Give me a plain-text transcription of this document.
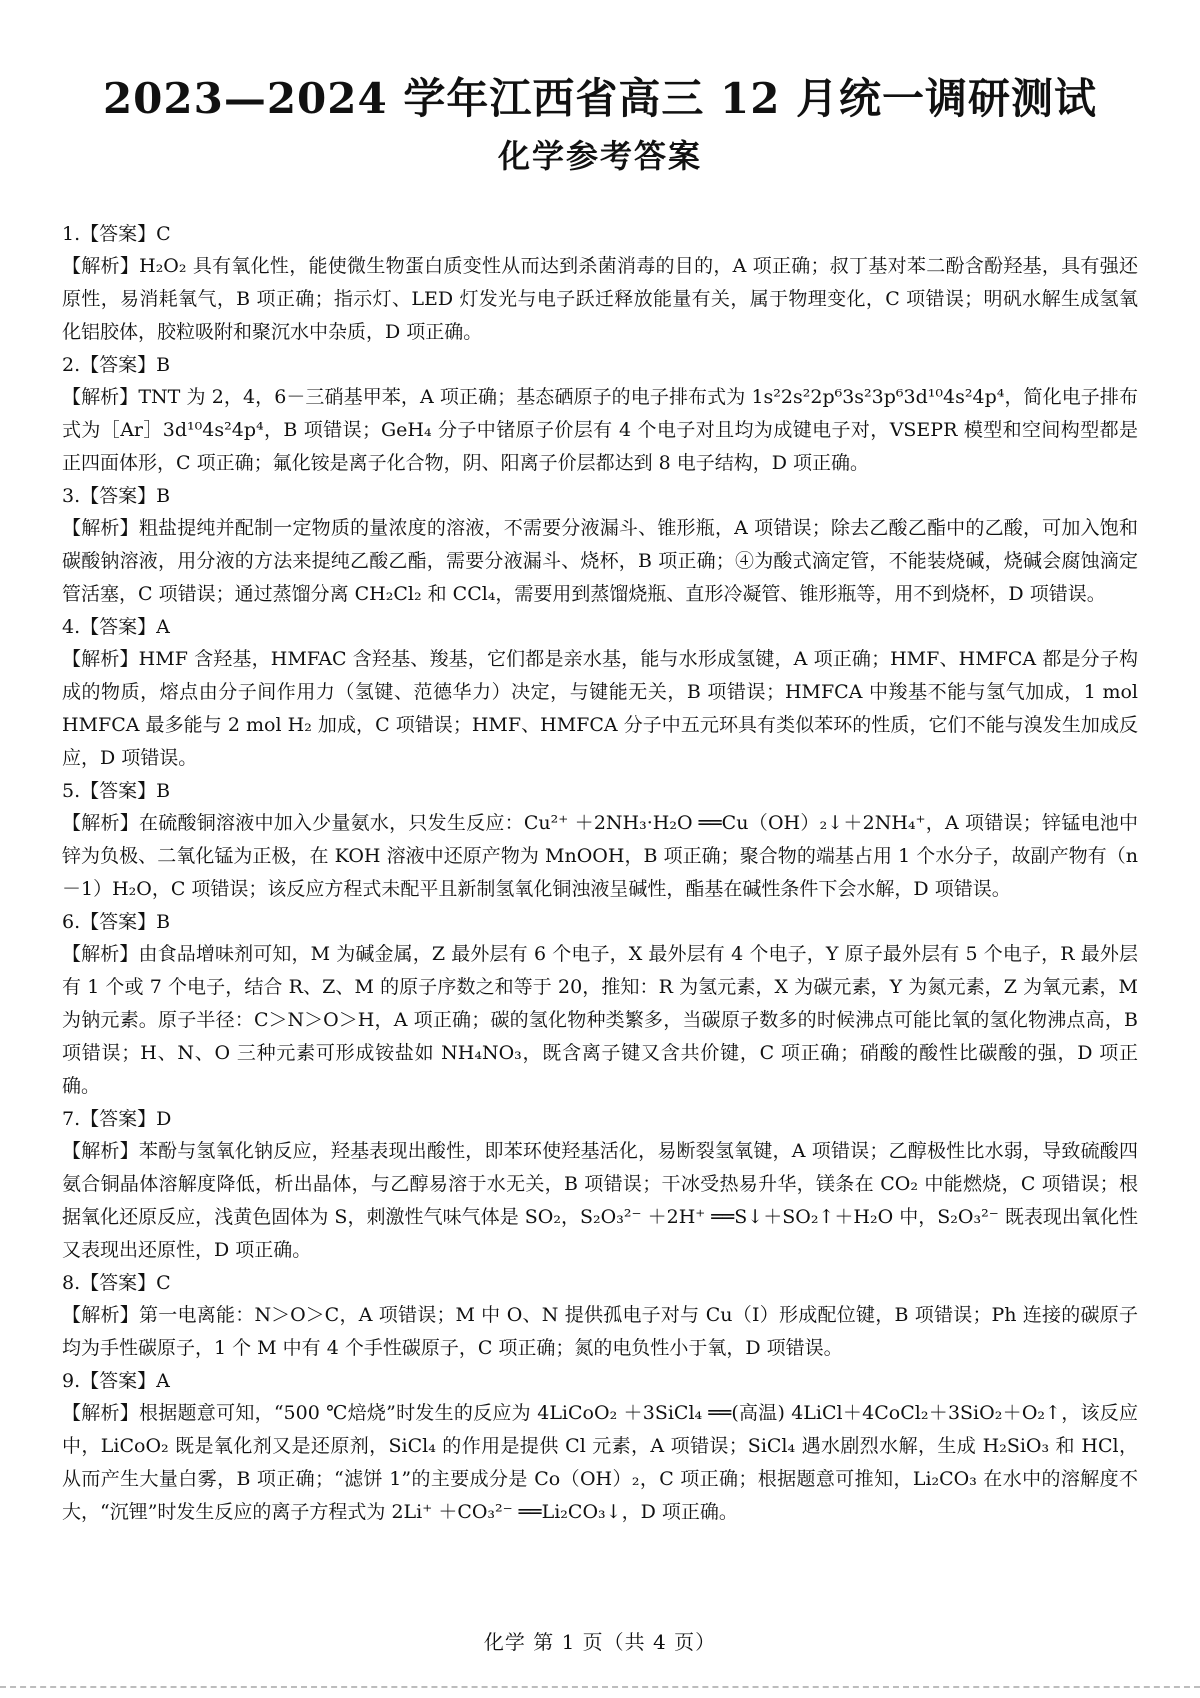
2023—2024 学年江西省高三 12 月统一调研测试
化学参考答案

1.【答案】C

【解析】H₂O₂ 具有氧化性，能使微生物蛋白质变性从而达到杀菌消毒的目的，A 项正确；叔丁基对苯二酚含酚羟基，具有强还原性，易消耗氧气，B 项正确；指示灯、LED 灯发光与电子跃迁释放能量有关，属于物理变化，C 项错误；明矾水解生成氢氧化铝胶体，胶粒吸附和聚沉水中杂质，D 项正确。

2.【答案】B

【解析】TNT 为 2，4，6－三硝基甲苯，A 项正确；基态硒原子的电子排布式为 1s²2s²2p⁶3s²3p⁶3d¹⁰4s²4p⁴，简化电子排布式为［Ar］3d¹⁰4s²4p⁴，B 项错误；GeH₄ 分子中锗原子价层有 4 个电子对且均为成键电子对，VSEPR 模型和空间构型都是正四面体形，C 项正确；氟化铵是离子化合物，阴、阳离子价层都达到 8 电子结构，D 项正确。

3.【答案】B

【解析】粗盐提纯并配制一定物质的量浓度的溶液，不需要分液漏斗、锥形瓶，A 项错误；除去乙酸乙酯中的乙酸，可加入饱和碳酸钠溶液，用分液的方法来提纯乙酸乙酯，需要分液漏斗、烧杯，B 项正确；④为酸式滴定管，不能装烧碱，烧碱会腐蚀滴定管活塞，C 项错误；通过蒸馏分离 CH₂Cl₂ 和 CCl₄，需要用到蒸馏烧瓶、直形冷凝管、锥形瓶等，用不到烧杯，D 项错误。

4.【答案】A

【解析】HMF 含羟基，HMFAC 含羟基、羧基，它们都是亲水基，能与水形成氢键，A 项正确；HMF、HMFCA 都是分子构成的物质，熔点由分子间作用力（氢键、范德华力）决定，与键能无关，B 项错误；HMFCA 中羧基不能与氢气加成，1 mol HMFCA 最多能与 2 mol H₂ 加成，C 项错误；HMF、HMFCA 分子中五元环具有类似苯环的性质，它们不能与溴发生加成反应，D 项错误。

5.【答案】B

【解析】在硫酸铜溶液中加入少量氨水，只发生反应：Cu²⁺ ＋2NH₃·H₂O ══Cu（OH）₂↓＋2NH₄⁺，A 项错误；锌锰电池中锌为负极、二氧化锰为正极，在 KOH 溶液中还原产物为 MnOOH，B 项正确；聚合物的端基占用 1 个水分子，故副产物有（n－1）H₂O，C 项错误；该反应方程式未配平且新制氢氧化铜浊液呈碱性，酯基在碱性条件下会水解，D 项错误。

6.【答案】B

【解析】由食品增味剂可知，M 为碱金属，Z 最外层有 6 个电子，X 最外层有 4 个电子，Y 原子最外层有 5 个电子，R 最外层有 1 个或 7 个电子，结合 R、Z、M 的原子序数之和等于 20，推知：R 为氢元素，X 为碳元素，Y 为氮元素，Z 为氧元素，M 为钠元素。原子半径：C＞N＞O＞H，A 项正确；碳的氢化物种类繁多，当碳原子数多的时候沸点可能比氧的氢化物沸点高，B 项错误；H、N、O 三种元素可形成铵盐如 NH₄NO₃，既含离子键又含共价键，C 项正确；硝酸的酸性比碳酸的强，D 项正确。

7.【答案】D

【解析】苯酚与氢氧化钠反应，羟基表现出酸性，即苯环使羟基活化，易断裂氢氧键，A 项错误；乙醇极性比水弱，导致硫酸四氨合铜晶体溶解度降低，析出晶体，与乙醇易溶于水无关，B 项错误；干冰受热易升华，镁条在 CO₂ 中能燃烧，C 项错误；根据氧化还原反应，浅黄色固体为 S，刺激性气味气体是 SO₂，S₂O₃²⁻ ＋2H⁺ ══S↓＋SO₂↑＋H₂O 中，S₂O₃²⁻ 既表现出氧化性又表现出还原性，D 项正确。

8.【答案】C

【解析】第一电离能：N＞O＞C，A 项错误；M 中 O、N 提供孤电子对与 Cu（Ⅰ）形成配位键，B 项错误；Ph 连接的碳原子均为手性碳原子，1 个 M 中有 4 个手性碳原子，C 项正确；氮的电负性小于氧，D 项错误。

9.【答案】A

【解析】根据题意可知，“500 ℃焙烧”时发生的反应为 4LiCoO₂ ＋3SiCl₄ ══(高温) 4LiCl＋4CoCl₂＋3SiO₂＋O₂↑，该反应中，LiCoO₂ 既是氧化剂又是还原剂，SiCl₄ 的作用是提供 Cl 元素，A 项错误；SiCl₄ 遇水剧烈水解，生成 H₂SiO₃ 和 HCl，从而产生大量白雾，B 项正确；“滤饼 1”的主要成分是 Co（OH）₂，C 项正确；根据题意可推知，Li₂CO₃ 在水中的溶解度不大，“沉锂”时发生反应的离子方程式为 2Li⁺ ＋CO₃²⁻ ══Li₂CO₃↓，D 项正确。

化学 第 1 页（共 4 页）
